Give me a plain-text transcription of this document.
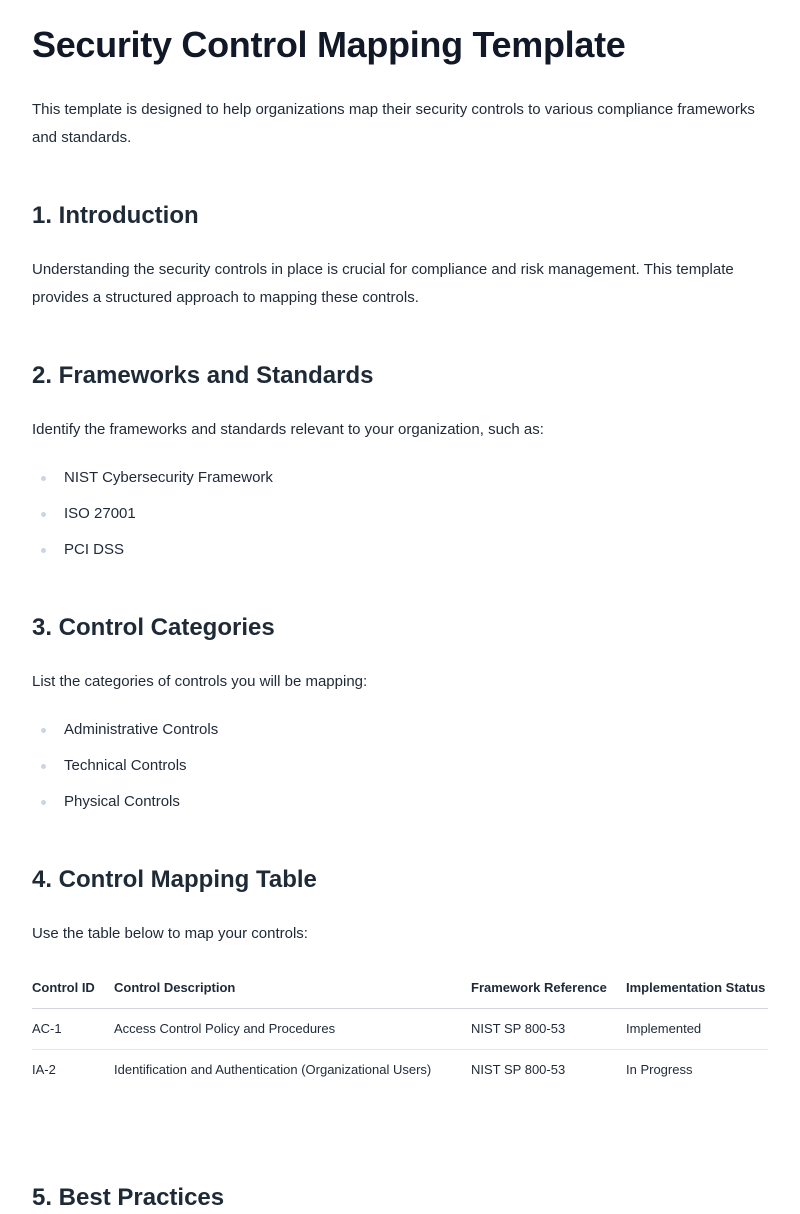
Security Control Mapping Template

This template is designed to help organizations map their security controls to various compliance frameworks and standards.

1. Introduction

Understanding the security controls in place is crucial for compliance and risk management. This template provides a structured approach to mapping these controls.

2. Frameworks and Standards

Identify the frameworks and standards relevant to your organization, such as:

NIST Cybersecurity Framework
ISO 27001
PCI DSS
3. Control Categories

List the categories of controls you will be mapping:

Administrative Controls
Technical Controls
Physical Controls
4. Control Mapping Table

Use the table below to map your controls:

Control ID	Control Description	Framework Reference	Implementation Status
AC-1	Access Control Policy and Procedures	NIST SP 800-53	Implemented
IA-2	Identification and Authentication (Organizational Users)	NIST SP 800-53	In Progress
5. Best Practices
